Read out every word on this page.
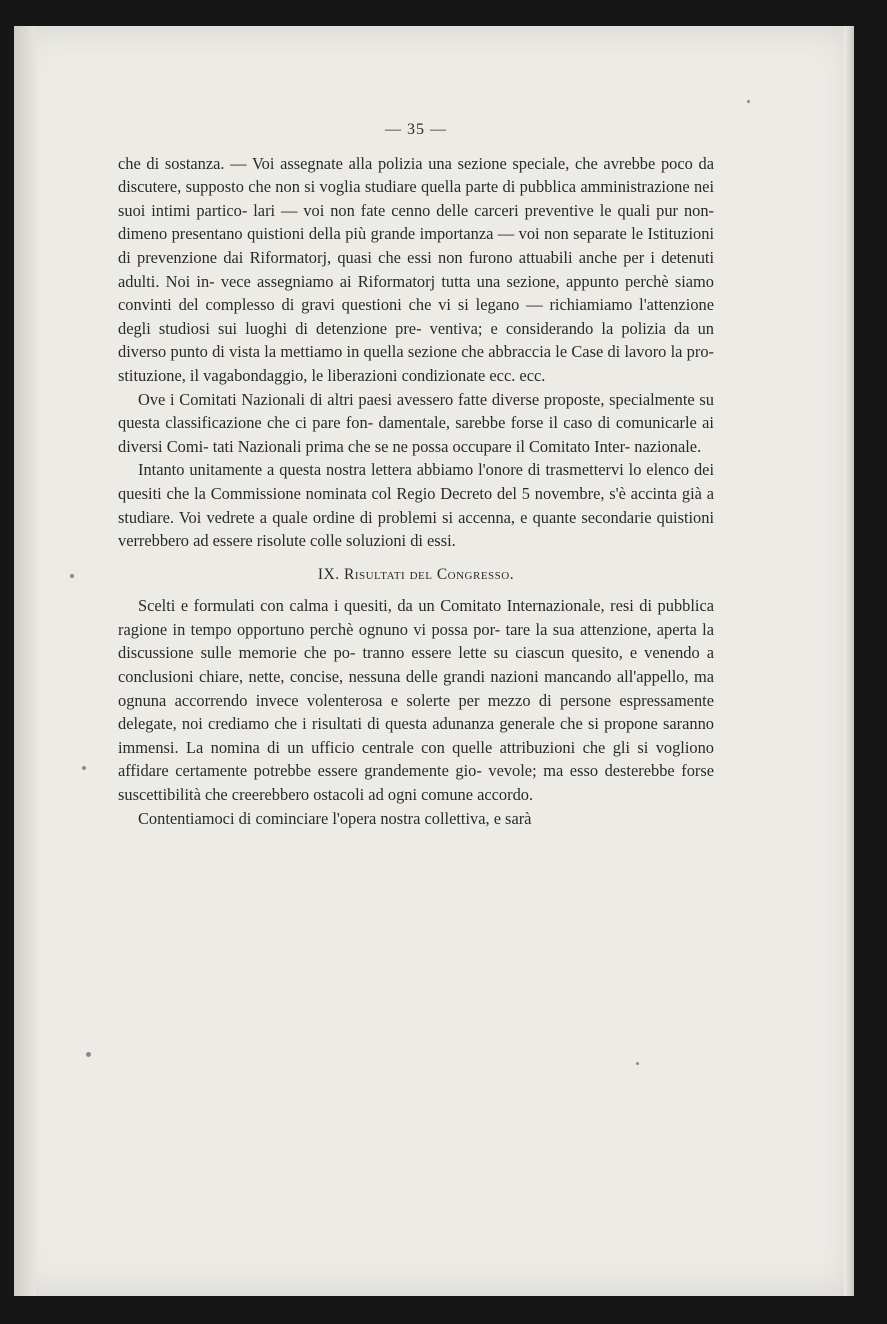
— 35 —

che di sostanza. — Voi assegnate alla polizia una sezione speciale, che avrebbe poco da discutere, supposto che non si voglia studiare quella parte di pubblica amministrazione nei suoi intimi partico- lari — voi non fate cenno delle carceri preventive le quali pur non- dimeno presentano quistioni della più grande importanza — voi non separate le Istituzioni di prevenzione dai Riformatorj, quasi che essi non furono attuabili anche per i detenuti adulti. Noi in- vece assegniamo ai Riformatorj tutta una sezione, appunto perchè siamo convinti del complesso di gravi questioni che vi si legano — richiamiamo l'attenzione degli studiosi sui luoghi di detenzione pre- ventiva; e considerando la polizia da un diverso punto di vista la mettiamo in quella sezione che abbraccia le Case di lavoro la pro- stituzione, il vagabondaggio, le liberazioni condizionate ecc. ecc.

Ove i Comitati Nazionali di altri paesi avessero fatte diverse proposte, specialmente su questa classificazione che ci pare fon- damentale, sarebbe forse il caso di comunicarle ai diversi Comi- tati Nazionali prima che se ne possa occupare il Comitato Inter- nazionale.

Intanto unitamente a questa nostra lettera abbiamo l'onore di trasmettervi lo elenco dei quesiti che la Commissione nominata col Regio Decreto del 5 novembre, s'è accinta già a studiare. Voi vedrete a quale ordine di problemi si accenna, e quante secondarie quistioni verrebbero ad essere risolute colle soluzioni di essi.

IX. Risultati del Congresso.

Scelti e formulati con calma i quesiti, da un Comitato Internazionale, resi di pubblica ragione in tempo opportuno perchè ognuno vi possa por- tare la sua attenzione, aperta la discussione sulle memorie che po- tranno essere lette su ciascun quesito, e venendo a conclusioni chiare, nette, concise, nessuna delle grandi nazioni mancando all'appello, ma ognuna accorrendo invece volenterosa e solerte per mezzo di persone espressamente delegate, noi crediamo che i risultati di questa adunanza generale che si propone saranno immensi. La nomina di un ufficio centrale con quelle attribuzioni che gli si vogliono affidare certamente potrebbe essere grandemente gio- vevole; ma esso desterebbe forse suscettibilità che creerebbero ostacoli ad ogni comune accordo.

Contentiamoci di cominciare l'opera nostra collettiva, e sarà
